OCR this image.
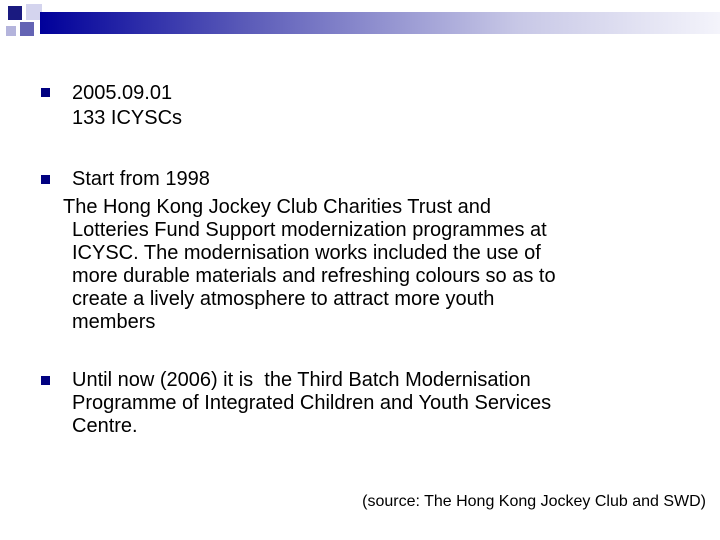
2005.09.01
133 ICYSCs
Start from 1998
The Hong Kong Jockey Club Charities Trust and
Lotteries Fund Support modernization programmes at
ICYSC. The modernisation works included the use of
more durable materials and refreshing colours so as to
create a lively atmosphere to attract more youth
members
Until now (2006) it is  the Third Batch Modernisation
Programme of Integrated Children and Youth Services
Centre.
(source: The Hong Kong Jockey Club and SWD)
